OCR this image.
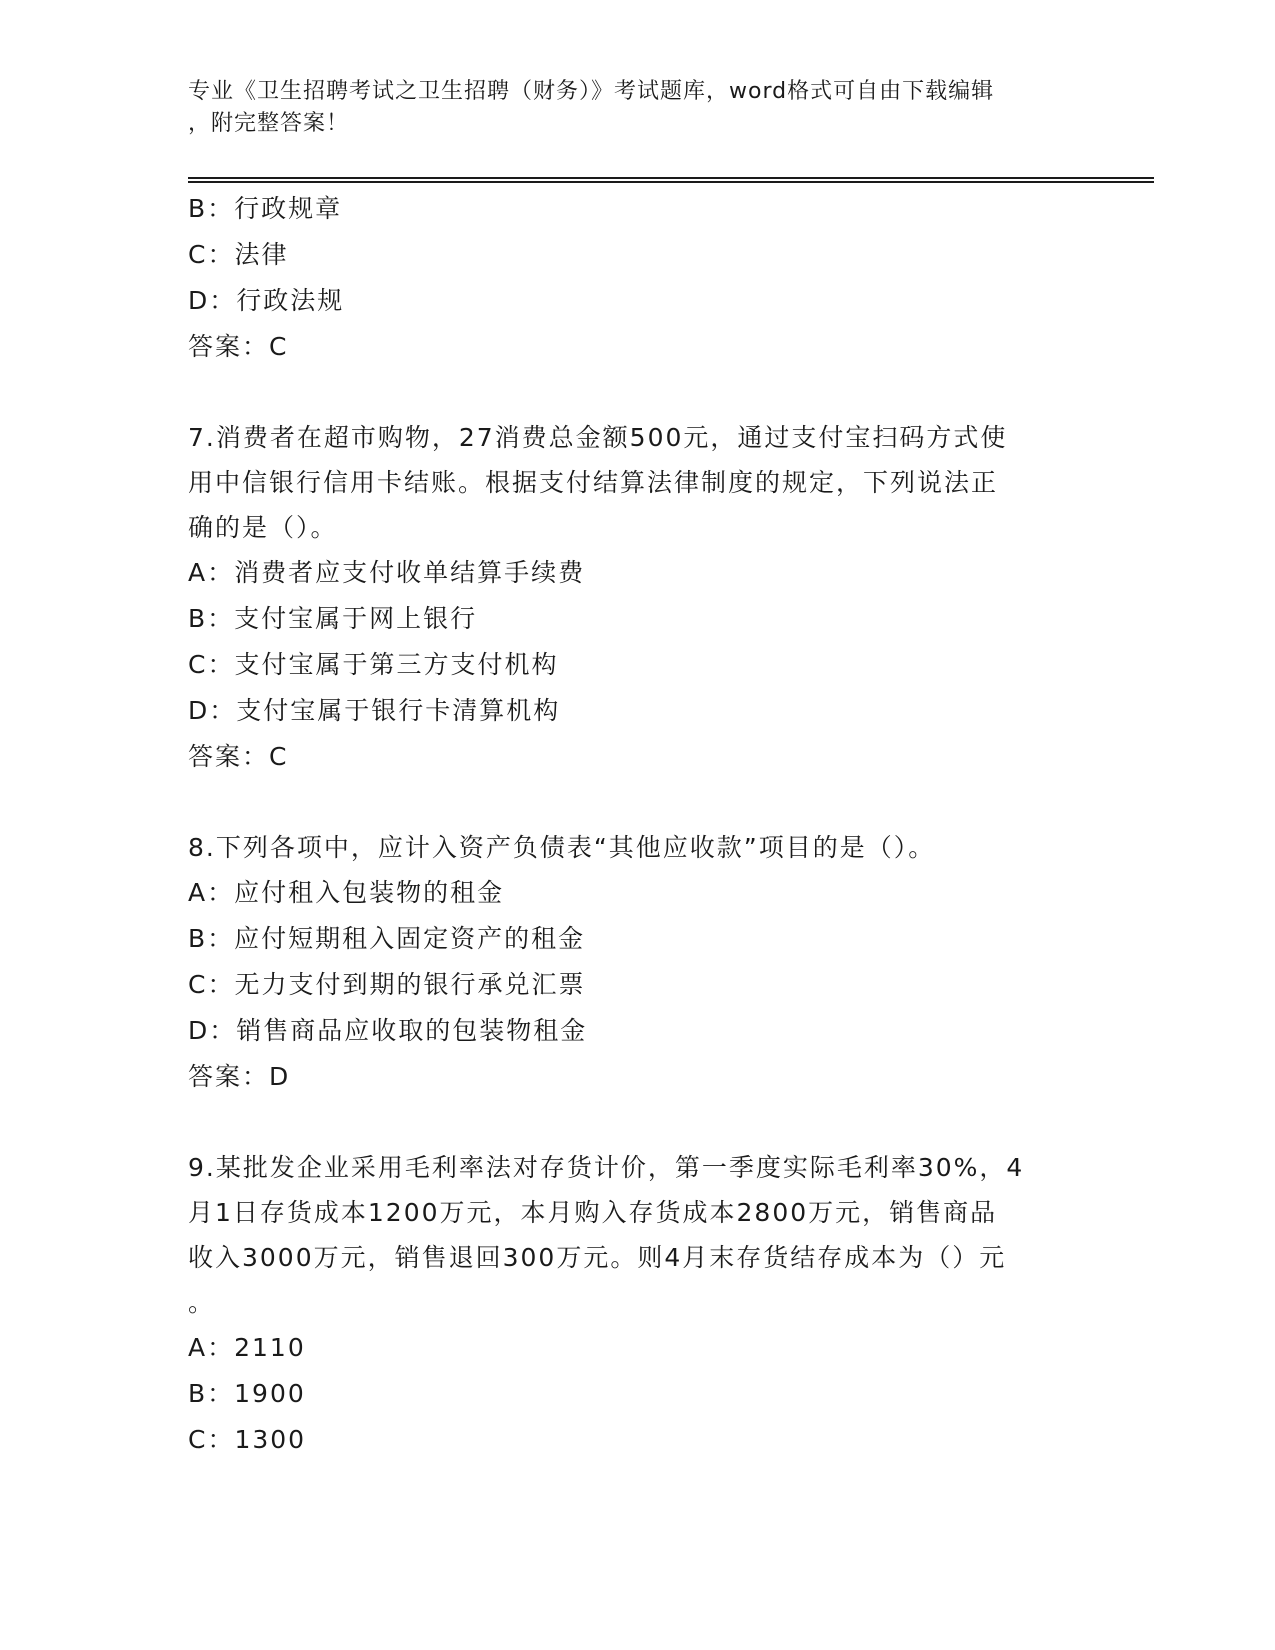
专业《卫生招聘考试之卫生招聘（财务）》考试题库，word格式可自由下载编辑
，附完整答案！
B：行政规章
C：法律
D：行政法规
答案：C
7.消费者在超市购物，27消费总金额500元，通过支付宝扫码方式使
用中信银行信用卡结账。根据支付结算法律制度的规定，下列说法正
确的是（）。
A：消费者应支付收单结算手续费
B：支付宝属于网上银行
C：支付宝属于第三方支付机构
D：支付宝属于银行卡清算机构
答案：C
8.下列各项中，应计入资产负债表“其他应收款”项目的是（）。
A：应付租入包装物的租金
B：应付短期租入固定资产的租金
C：无力支付到期的银行承兑汇票
D：销售商品应收取的包装物租金
答案：D
9.某批发企业采用毛利率法对存货计价，第一季度实际毛利率30%，4
月1日存货成本1200万元，本月购入存货成本2800万元，销售商品
收入3000万元，销售退回300万元。则4月末存货结存成本为（）元
。
A：2110
B：1900
C：1300
